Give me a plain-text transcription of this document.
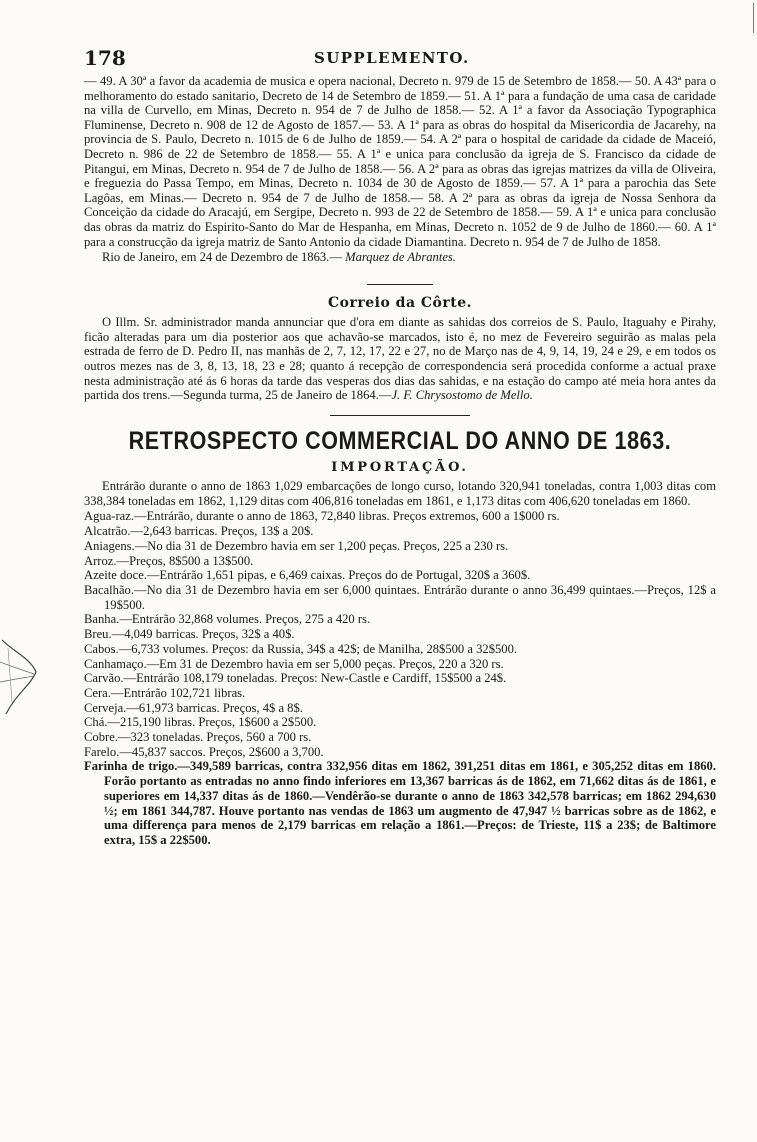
178	SUPPLEMENTO.

— 49. A 30ª a favor da academia de musica e opera nacional, Decreto n. 979 de 15 de Setembro de 1858.— 50. A 43ª para o melhoramento do estado sanitario, Decreto de 14 de Setembro de 1859.— 51. A 1ª para a fundação de uma casa de caridade na villa de Curvello, em Minas, Decreto n. 954 de 7 de Julho de 1858.— 52. A 1ª a favor da Associação Typographica Fluminense, Decreto n. 908 de 12 de Agosto de 1857.— 53. A 1ª para as obras do hospital da Misericordia de Jacarehy, na provincia de S. Paulo, Decreto n. 1015 de 6 de Julho de 1859.— 54. A 2ª para o hospital de caridade da cidade de Maceió, Decreto n. 986 de 22 de Setembro de 1858.— 55. A 1ª e unica para conclusão da igreja de S. Francisco da cidade de Pitangui, em Minas, Decreto n. 954 de 7 de Julho de 1858.— 56. A 2ª para as obras das igrejas matrizes da villa de Oliveira, e freguezia do Passa Tempo, em Minas, Decreto n. 1034 de 30 de Agosto de 1859.— 57. A 1ª para a parochia das Sete Lagôas, em Minas.— Decreto n. 954 de 7 de Julho de 1858.— 58. A 2ª para as obras da igreja de Nossa Senhora da Conceição da cidade do Aracajú, em Sergipe, Decreto n. 993 de 22 de Setembro de 1858.— 59. A 1ª e unica para conclusão das obras da matriz do Espirito-Santo do Mar de Hespanha, em Minas, Decreto n. 1052 de 9 de Julho de 1860.— 60. A 1ª para a construcção da igreja matriz de Santo Antonio da cidade Diamantina. Decreto n. 954 de 7 de Julho de 1858.

Rio de Janeiro, em 24 de Dezembro de 1863.— Marquez de Abrantes.

Correio da Côrte.

O Illm. Sr. administrador manda annunciar que d'ora em diante as sahidas dos correios de S. Paulo, Itaguahy e Pirahy, ficão alteradas para um dia posterior aos que achavão-se marcados, isto é, no mez de Fevereiro seguirão as malas pela estrada de ferro de D. Pedro II, nas manhãs de 2, 7, 12, 17, 22 e 27, no de Março nas de 4, 9, 14, 19, 24 e 29, e em todos os outros mezes nas de 3, 8, 13, 18, 23 e 28; quanto á recepção de correspondencia será procedida conforme a actual praxe nesta administração até ás 6 horas da tarde das vesperas dos dias das sahidas, e na estação do campo até meia hora antes da partida dos trens.—Segunda turma, 25 de Janeiro de 1864.—J. F. Chrysostomo de Mello.

RETROSPECTO COMMERCIAL DO ANNO DE 1863.
IMPORTAÇÃO.

Entrárão durante o anno de 1863 1,029 embarcações de longo curso, lotando 320,941 toneladas, contra 1,003 ditas com 338,384 toneladas em 1862, 1,129 ditas com 406,816 toneladas em 1861, e 1,173 ditas com 406,620 toneladas em 1860.

Agua-raz.—Entrárão, durante o anno de 1863, 72,840 libras. Preços extremos, 600 a 1$000 rs.

Alcatrão.—2,643 barricas. Preços, 13$ a 20$.

Aniagens.—No dia 31 de Dezembro havia em ser 1,200 peças. Preços, 225 a 230 rs.

Arroz.—Preços, 8$500 a 13$500.

Azeite doce.—Entrárão 1,651 pipas, e 6,469 caixas. Preços do de Portugal, 320$ a 360$.

Bacalhão.—No dia 31 de Dezembro havia em ser 6,000 quintaes. Entrárão durante o anno 36,499 quintaes.—Preços, 12$ a 19$500.

Banha.—Entrárão 32,868 volumes. Preços, 275 a 420 rs.

Breu.—4,049 barricas. Preços, 32$ a 40$.

Cabos.—6,733 volumes. Preços: da Russia, 34$ a 42$; de Manilha, 28$500 a 32$500.

Canhamaço.—Em 31 de Dezembro havia em ser 5,000 peças. Preços, 220 a 320 rs.

Carvão.—Entrárão 108,179 toneladas. Preços: New-Castle e Cardiff, 15$500 a 24$.

Cera.—Entrárão 102,721 libras.

Cerveja.—61,973 barricas. Preços, 4$ a 8$.

Chá.—215,190 libras. Preços, 1$600 a 2$500.

Cobre.—323 toneladas. Preços, 560 a 700 rs.

Farelo.—45,837 saccos. Preços, 2$600 a 3,700.

Farinha de trigo.—349,589 barricas, contra 332,956 ditas em 1862, 391,251 ditas em 1861, e 305,252 ditas em 1860. Forão portanto as entradas no anno findo inferiores em 13,367 barricas ás de 1862, em 71,662 ditas ás de 1861, e superiores em 14,337 ditas ás de 1860.—Vendêrão-se durante o anno de 1863 342,578 barricas; em 1862 294,630 ½; em 1861 344,787. Houve portanto nas vendas de 1863 um augmento de 47,947 ½ barricas sobre as de 1862, e uma differença para menos de 2,179 barricas em relação a 1861.—Preços: de Trieste, 11$ a 23$; de Baltimore extra, 15$ a 22$500.
